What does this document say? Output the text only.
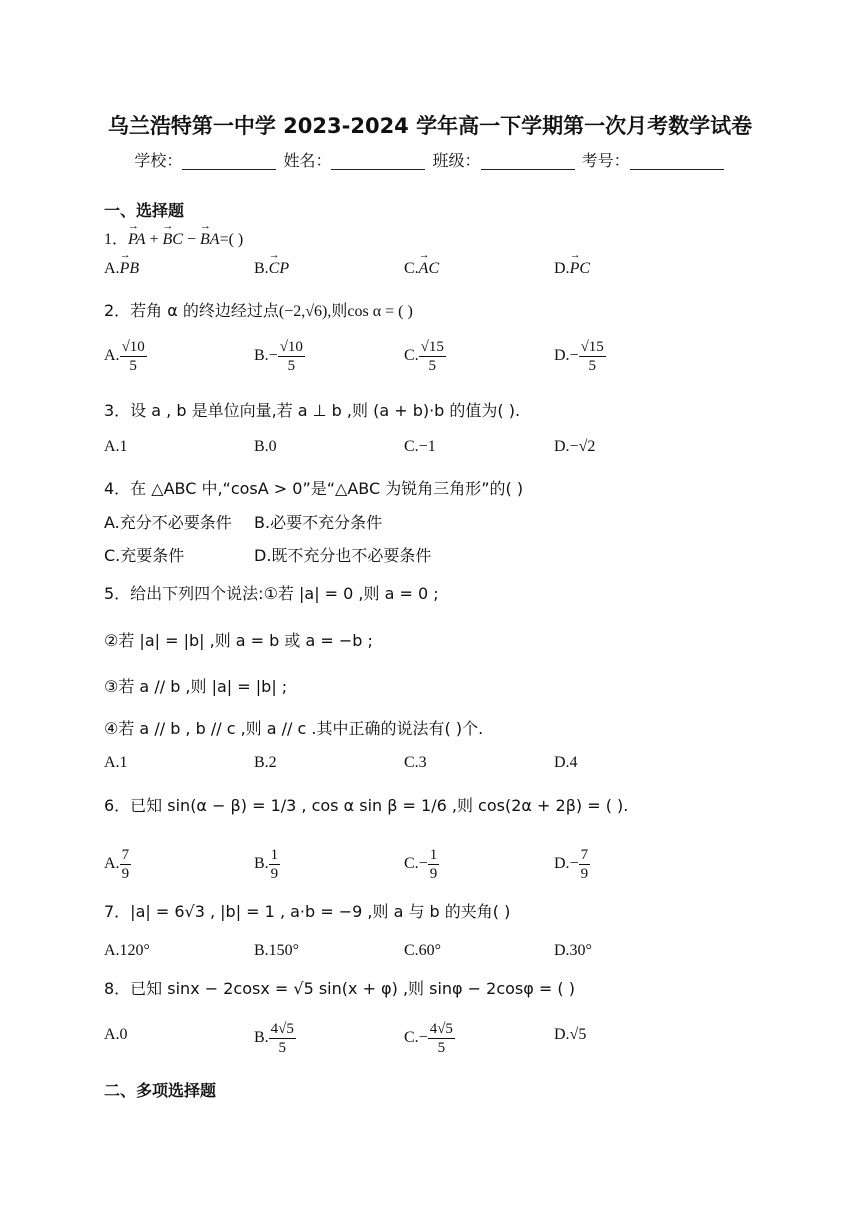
乌兰浩特第一中学 2023-2024 学年高一下学期第一次月考数学试卷
学校：	姓名：	班级：	考号：
一、选择题
1．→ PA + → BC − → BA=( )
A.→ PB	B.→ CP	C.→ AC	D.→ PC
2．若角 α 的终边经过点(−2,√6),则cos α = ( )
A. $\frac{√10}{5}$	$B.- \frac{√10}{5}$	C. $\frac{√15}{5}$	$D.- \frac{√15}{5}$
3．设 a , b 是单位向量,若 a ⊥ b ,则 (a + b)·b 的值为( ).
A.1	B.0	C.−1	D.−√2
4．在 △ABC 中,“cosA > 0”是“△ABC 为锐角三角形”的( )
A.充分不必要条件 B.必要不充分条件
C.充要条件	D.既不充分也不必要条件
5．给出下列四个说法:①若 |a| = 0 ,则 a = 0 ;
②若 |a| = |b| ,则 a = b 或 a = −b ;
③若 a // b ,则 |a| = |b| ;
④若 a // b , b // c ,则 a // c .其中正确的说法有( )个.
A.1	B.2	C.3	D.4
6．已知 sin(α − β) = 1/3 , cos α sin β = 1/6 ,则 cos(2α + 2β) = ( ).
A. $\frac{7}{9}$	B. $\frac{1}{9}$	$C.- \frac{1}{9}$	$D.- \frac{7}{9}$
7．|a| = 6√3 , |b| = 1 , a·b = −9 ,则 a 与 b 的夹角( )
A.120°	B.150°	C.60°	D.30°
8．已知 sinx − 2cosx = √5 sin(x + φ) ,则 sinφ − 2cosφ = ( )
A.0	B. $\frac{4√5}{5}$	$C.- \frac{4√5}{5}$	D.√5
二、多项选择题
